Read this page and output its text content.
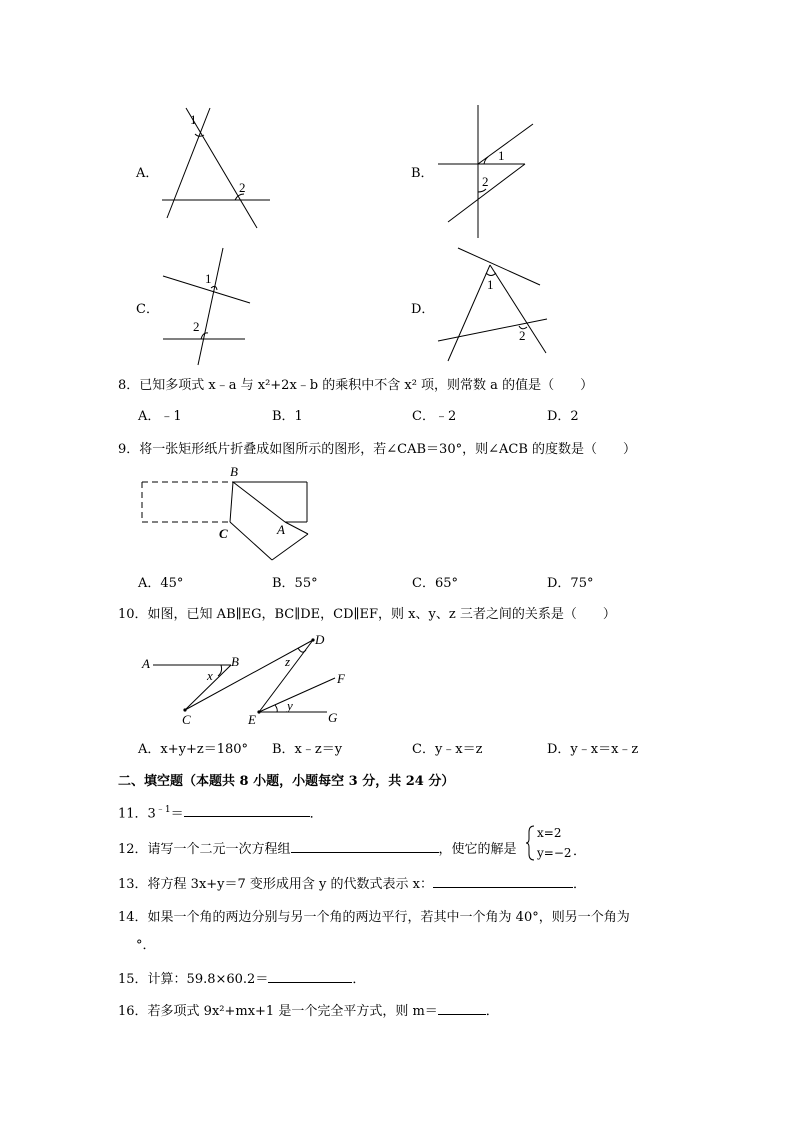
A．
1
2
B．
1
2
C．
1
2
D．
1
2
8．已知多项式 x﹣a 与 x²+2x﹣b 的乘积中不含 x² 项，则常数 a 的值是（　　）
A．﹣1	B．1	C．﹣2	D．2
9．将一张矩形纸片折叠成如图所示的图形，若∠CAB＝30°，则∠ACB 的度数是（　　）
B
C	A
A．45°	B．55°	C．65°	D．75°
10．如图，已知 AB∥EG，BC∥DE，CD∥EF，则 x、y、z 三者之间的关系是（　　）
A	B
C
D
E
F
G
x
z
y
A．x+y+z＝180° B．x﹣z＝y	C．y﹣x＝z	D．y﹣x＝x﹣z
二、填空题（本题共 8 小题，小题每空 3 分，共 24 分）
11．$3^{﹣1}=$	．
12．请写一个二元一次方程组	，使它的解是
x=2
y=−2 ．
13．将方程 3x+y＝7 变形成用含 y 的代数式表示 x：	．
14．如果一个角的两边分别与另一个角的两边平行，若其中一个角为 40°，则另一个角为
°．
15．计算：59.8×60.2＝	．
16．若多项式 9x²+mx+1 是一个完全平方式，则 m＝	．
